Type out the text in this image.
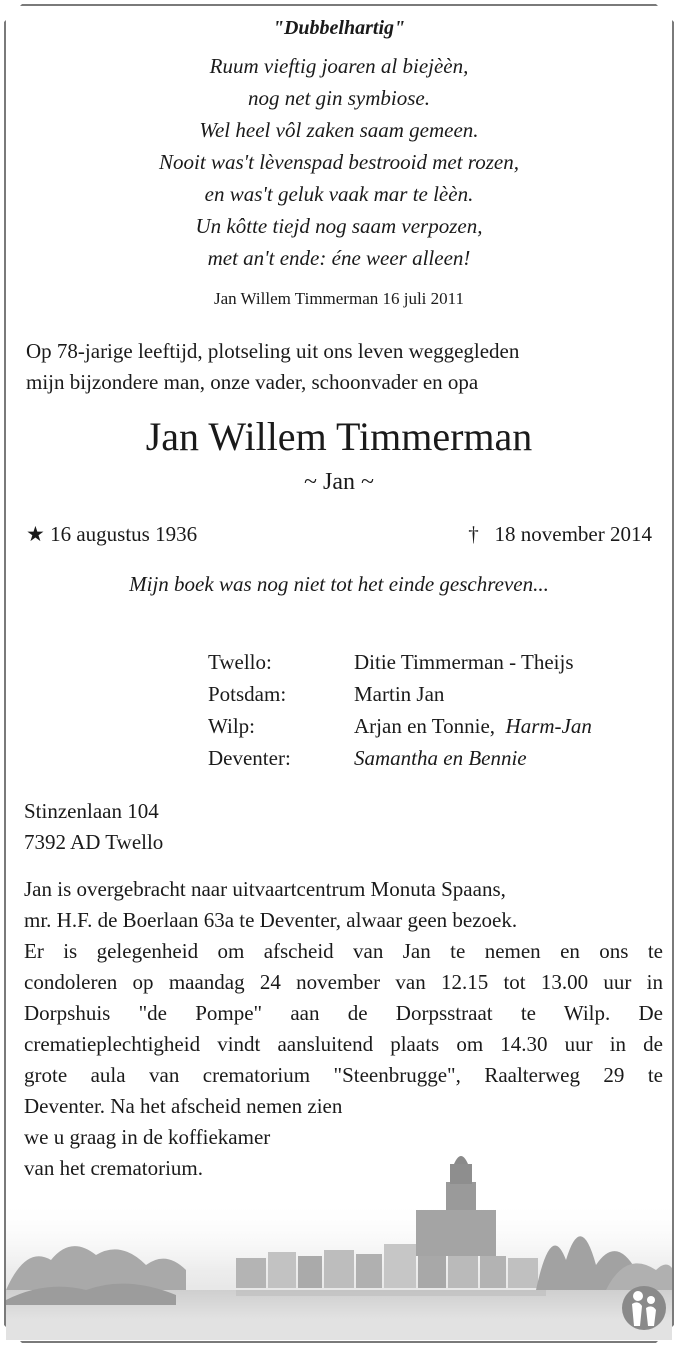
"Dubbelhartig"
Ruum vieftig joaren al biejèèn,
nog net gin symbiose.
Wel heel vôl zaken saam gemeen.
Nooit was't lèvenspad bestrooid met rozen,
en was't geluk vaak mar te lèèn.
Un kôtte tiejd nog saam verpozen,
met an't ende: éne weer alleen!
Jan Willem Timmerman 16 juli 2011
Op 78-jarige leeftijd, plotseling uit ons leven weggegleden
mijn bijzondere man, onze vader, schoonvader en opa
Jan Willem Timmerman
~ Jan ~
★ 16 augustus 1936	† 18 november 2014
Mijn boek was nog niet tot het einde geschreven...
Twello:	Ditie Timmerman - Theijs
Potsdam:	Martin Jan
Wilp:	Arjan en Tonnie,  Harm-Jan
Deventer:	Samantha en Bennie
Stinzenlaan 104
7392 AD Twello
Jan is overgebracht naar uitvaartcentrum Monuta Spaans,
mr. H.F. de Boerlaan 63a te Deventer, alwaar geen bezoek.
Er is gelegenheid om afscheid van Jan te nemen en ons te
condoleren op maandag 24 november van 12.15 tot 13.00 uur in
Dorpshuis "de Pompe" aan de Dorpsstraat te Wilp. De
crematieplechtigheid vindt aansluitend plaats om 14.30 uur in de
grote aula van crematorium "Steenbrugge", Raalterweg 29 te
Deventer. Na het afscheid nemen zien
we u graag in de koffiekamer
van het crematorium.
